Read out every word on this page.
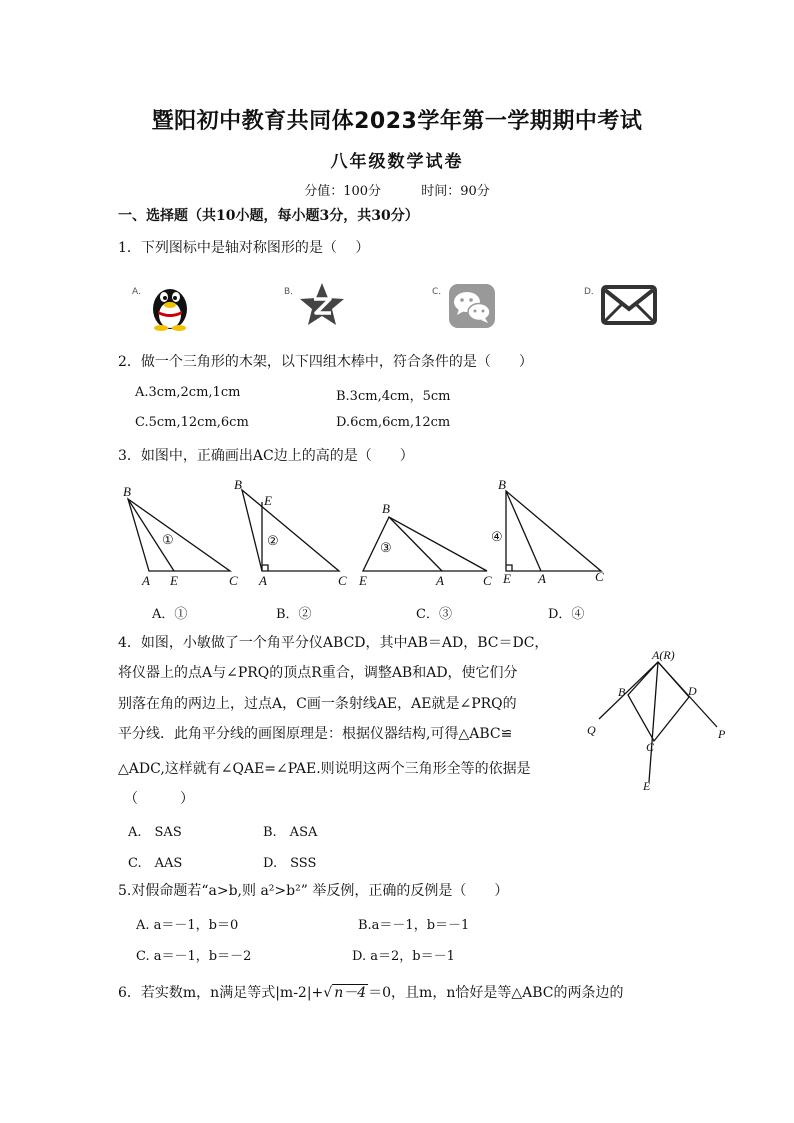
暨阳初中教育共同体2023学年第一学期期中考试
八年级数学试卷
分值：100分	时间：90分
一、选择题（共10小题，每小题3分，共30分）
1．下列图标中是轴对称图形的是（　 ）
A．	B．	C．	D．
2．做一个三角形的木架，以下四组木棒中，符合条件的是（　　）
A.3cm,2cm,1cm	B.3cm,4cm，5cm
C.5cm,12cm,6cm	D.6cm,6cm,12cm
3．如图中，正确画出AC边上的高的是（　　）
B
A E	C
B
E
A	C
B
E	A	C
B
E A	C
①	②	③
④
A．①	B．②	C．③	D．④
4．如图，小敏做了一个角平分仪ABCD，其中AB＝AD，BC＝DC，
将仪器上的点A与∠PRQ的顶点R重合，调整AB和AD，使它们分
别落在角的两边上，过点A，C画一条射线AE，AE就是∠PRQ的
平分线．此角平分线的画图原理是：根据仪器结构,可得△ABC≌
△ADC,这样就有∠QAE=∠PAE.则说明这两个三角形全等的依据是
（　　　）
A(R)
B	D
Q
C
P
E
A.　SAS	B.　ASA
C.　AAS	D.　SSS
5.对假命题若“a>b,则 a²>b²” 举反例，正确的反例是（　　）
A. a＝－1，b＝0	B.a＝－1，b＝－1
C. a＝－1，b＝－2	D. a＝2，b＝－1
6．若实数m，n满足等式|m-2|+√ n－4 ＝0，且m，n恰好是等△ABC的两条边的
